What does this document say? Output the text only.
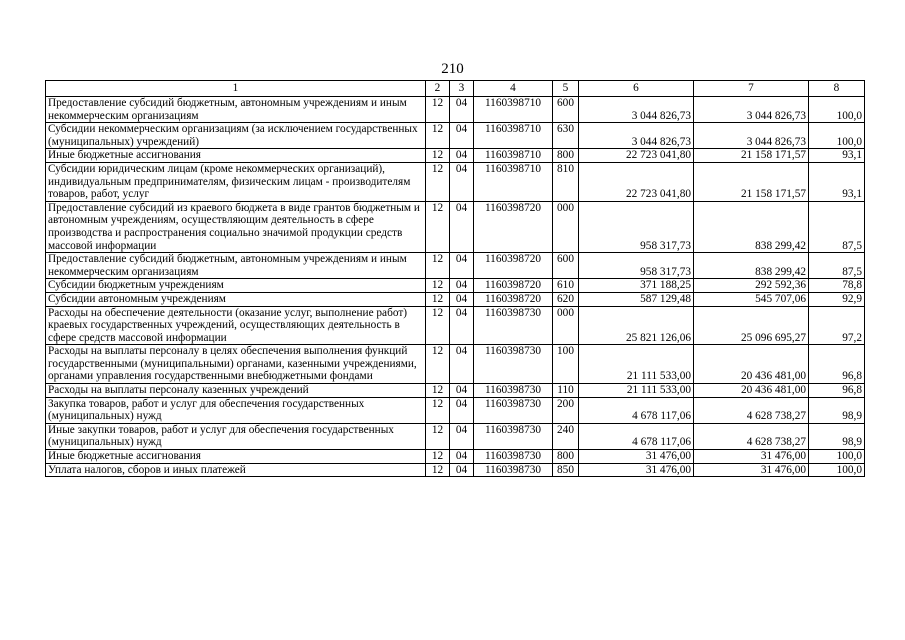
210
1	2	3	4	5	6	7	8
Предоставление субсидий бюджетным, автономным учреждениям и иным некоммерческим организациям	12	04	1160398710	600	3 044 826,73	3 044 826,73	100,0
Субсидии некоммерческим организациям (за исключением государственных (муниципальных) учреждений)	12	04	1160398710	630	3 044 826,73	3 044 826,73	100,0
Иные бюджетные ассигнования	12	04	1160398710	800	22 723 041,80	21 158 171,57	93,1
Субсидии юридическим лицам (кроме некоммерческих организаций), индивидуальным предпринимателям, физическим лицам - производителям товаров, работ, услуг	12	04	1160398710	810	22 723 041,80	21 158 171,57	93,1
Предоставление субсидий из краевого бюджета в виде грантов бюджетным и автономным учреждениям, осуществляющим деятельность в сфере производства и распространения социально значимой продукции средств массовой информации	12	04	1160398720	000	958 317,73	838 299,42	87,5
Предоставление субсидий бюджетным, автономным учреждениям и иным некоммерческим организациям	12	04	1160398720	600	958 317,73	838 299,42	87,5
Субсидии бюджетным учреждениям	12	04	1160398720	610	371 188,25	292 592,36	78,8
Субсидии автономным учреждениям	12	04	1160398720	620	587 129,48	545 707,06	92,9
Расходы на обеспечение деятельности (оказание услуг, выполнение работ) краевых государственных учреждений, осуществляющих деятельность в сфере средств массовой информации	12	04	1160398730	000	25 821 126,06	25 096 695,27	97,2
Расходы на выплаты персоналу в целях обеспечения выполнения функций государственными (муниципальными) органами, казенными учреждениями, органами управления государственными внебюджетными фондами	12	04	1160398730	100	21 111 533,00	20 436 481,00	96,8
Расходы на выплаты персоналу казенных учреждений	12	04	1160398730	110	21 111 533,00	20 436 481,00	96,8
Закупка товаров, работ и услуг для обеспечения государственных (муниципальных) нужд	12	04	1160398730	200	4 678 117,06	4 628 738,27	98,9
Иные закупки товаров, работ и услуг для обеспечения государственных (муниципальных) нужд	12	04	1160398730	240	4 678 117,06	4 628 738,27	98,9
Иные бюджетные ассигнования	12	04	1160398730	800	31 476,00	31 476,00	100,0
Уплата налогов, сборов и иных платежей	12	04	1160398730	850	31 476,00	31 476,00	100,0
